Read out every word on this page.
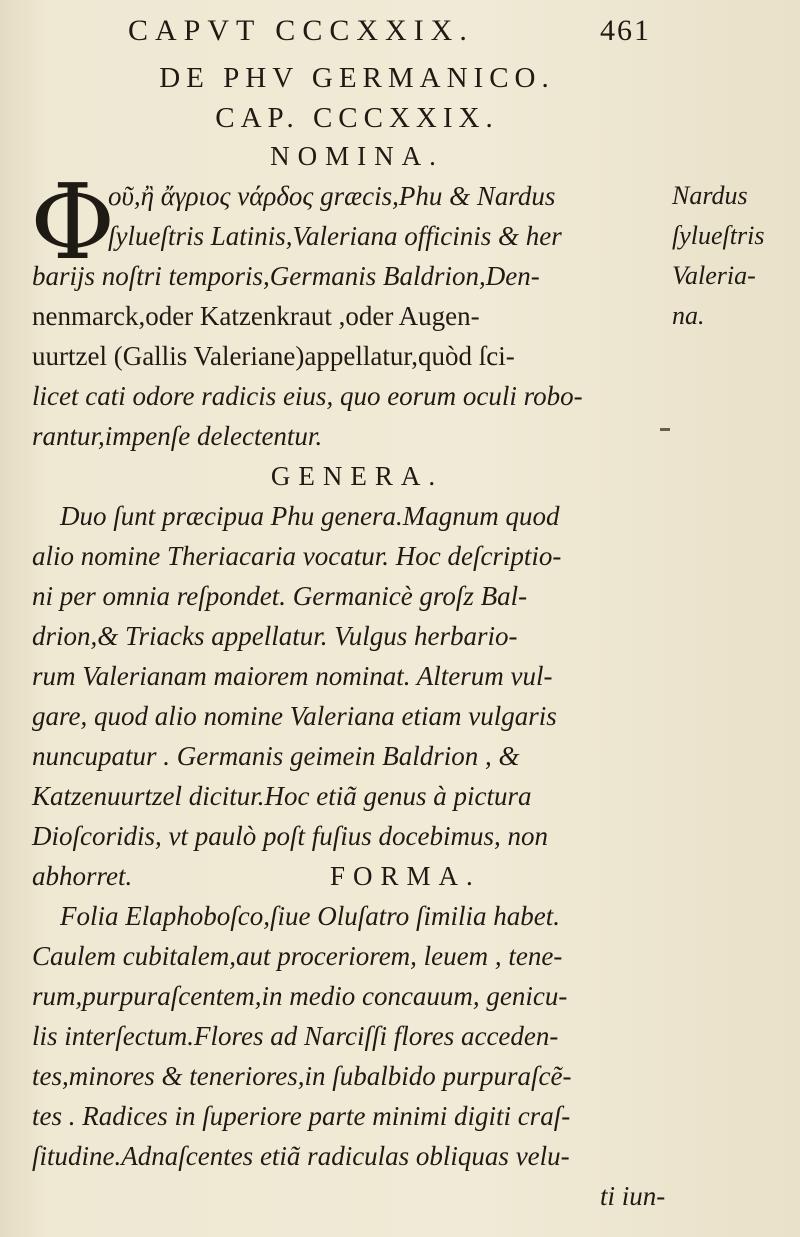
CAPVT CCCXXIX.	461
DE PHV GERMANICO.
CAP. CCCXXIX.
NOMINA.
Φ
οῦ,ἢ ἄγριος νάρδος græcis,Phu & Nardus
ſylueſtris Latinis,Valeriana officinis & her
barijs noſtri temporis,Germanis Baldrion,Den-
nenmarck,oder Katzenkraut ,oder Augen-
uurtzel (Gallis Valeriane)appellatur,quòd ſci-
licet cati odore radicis eius, quo eorum oculi robo-
rantur,impenſe delectentur.
Nardus
ſylueſtris
Valeria-
na.
GENERA.
Duo ſunt præcipua Phu genera.Magnum quod
alio nomine Theriacaria vocatur. Hoc deſcriptio-
ni per omnia reſpondet. Germanicè groſz Bal-
drion,& Triacks appellatur. Vulgus herbario-
rum Valerianam maiorem nominat. Alterum vul-
gare, quod alio nomine Valeriana etiam vulgaris
nuncupatur . Germanis geimein Baldrion , &
Katzenuurtzel dicitur.Hoc etiã genus à pictura
Dioſcoridis, vt paulò poſt fuſius docebimus, non
abhorret.	FORMA.
Folia Elaphoboſco,ſiue Oluſatro ſimilia habet.
Caulem cubitalem,aut proceriorem, leuem , tene-
rum,purpuraſcentem,in medio concauum, genicu-
lis interſectum.Flores ad Narciſſi flores acceden-
tes,minores & teneriores,in ſubalbido purpuraſcẽ-
tes . Radices in ſuperiore parte minimi digiti craſ-
ſitudine.Adnaſcentes etiã radiculas obliquas velu-
ti iun-
